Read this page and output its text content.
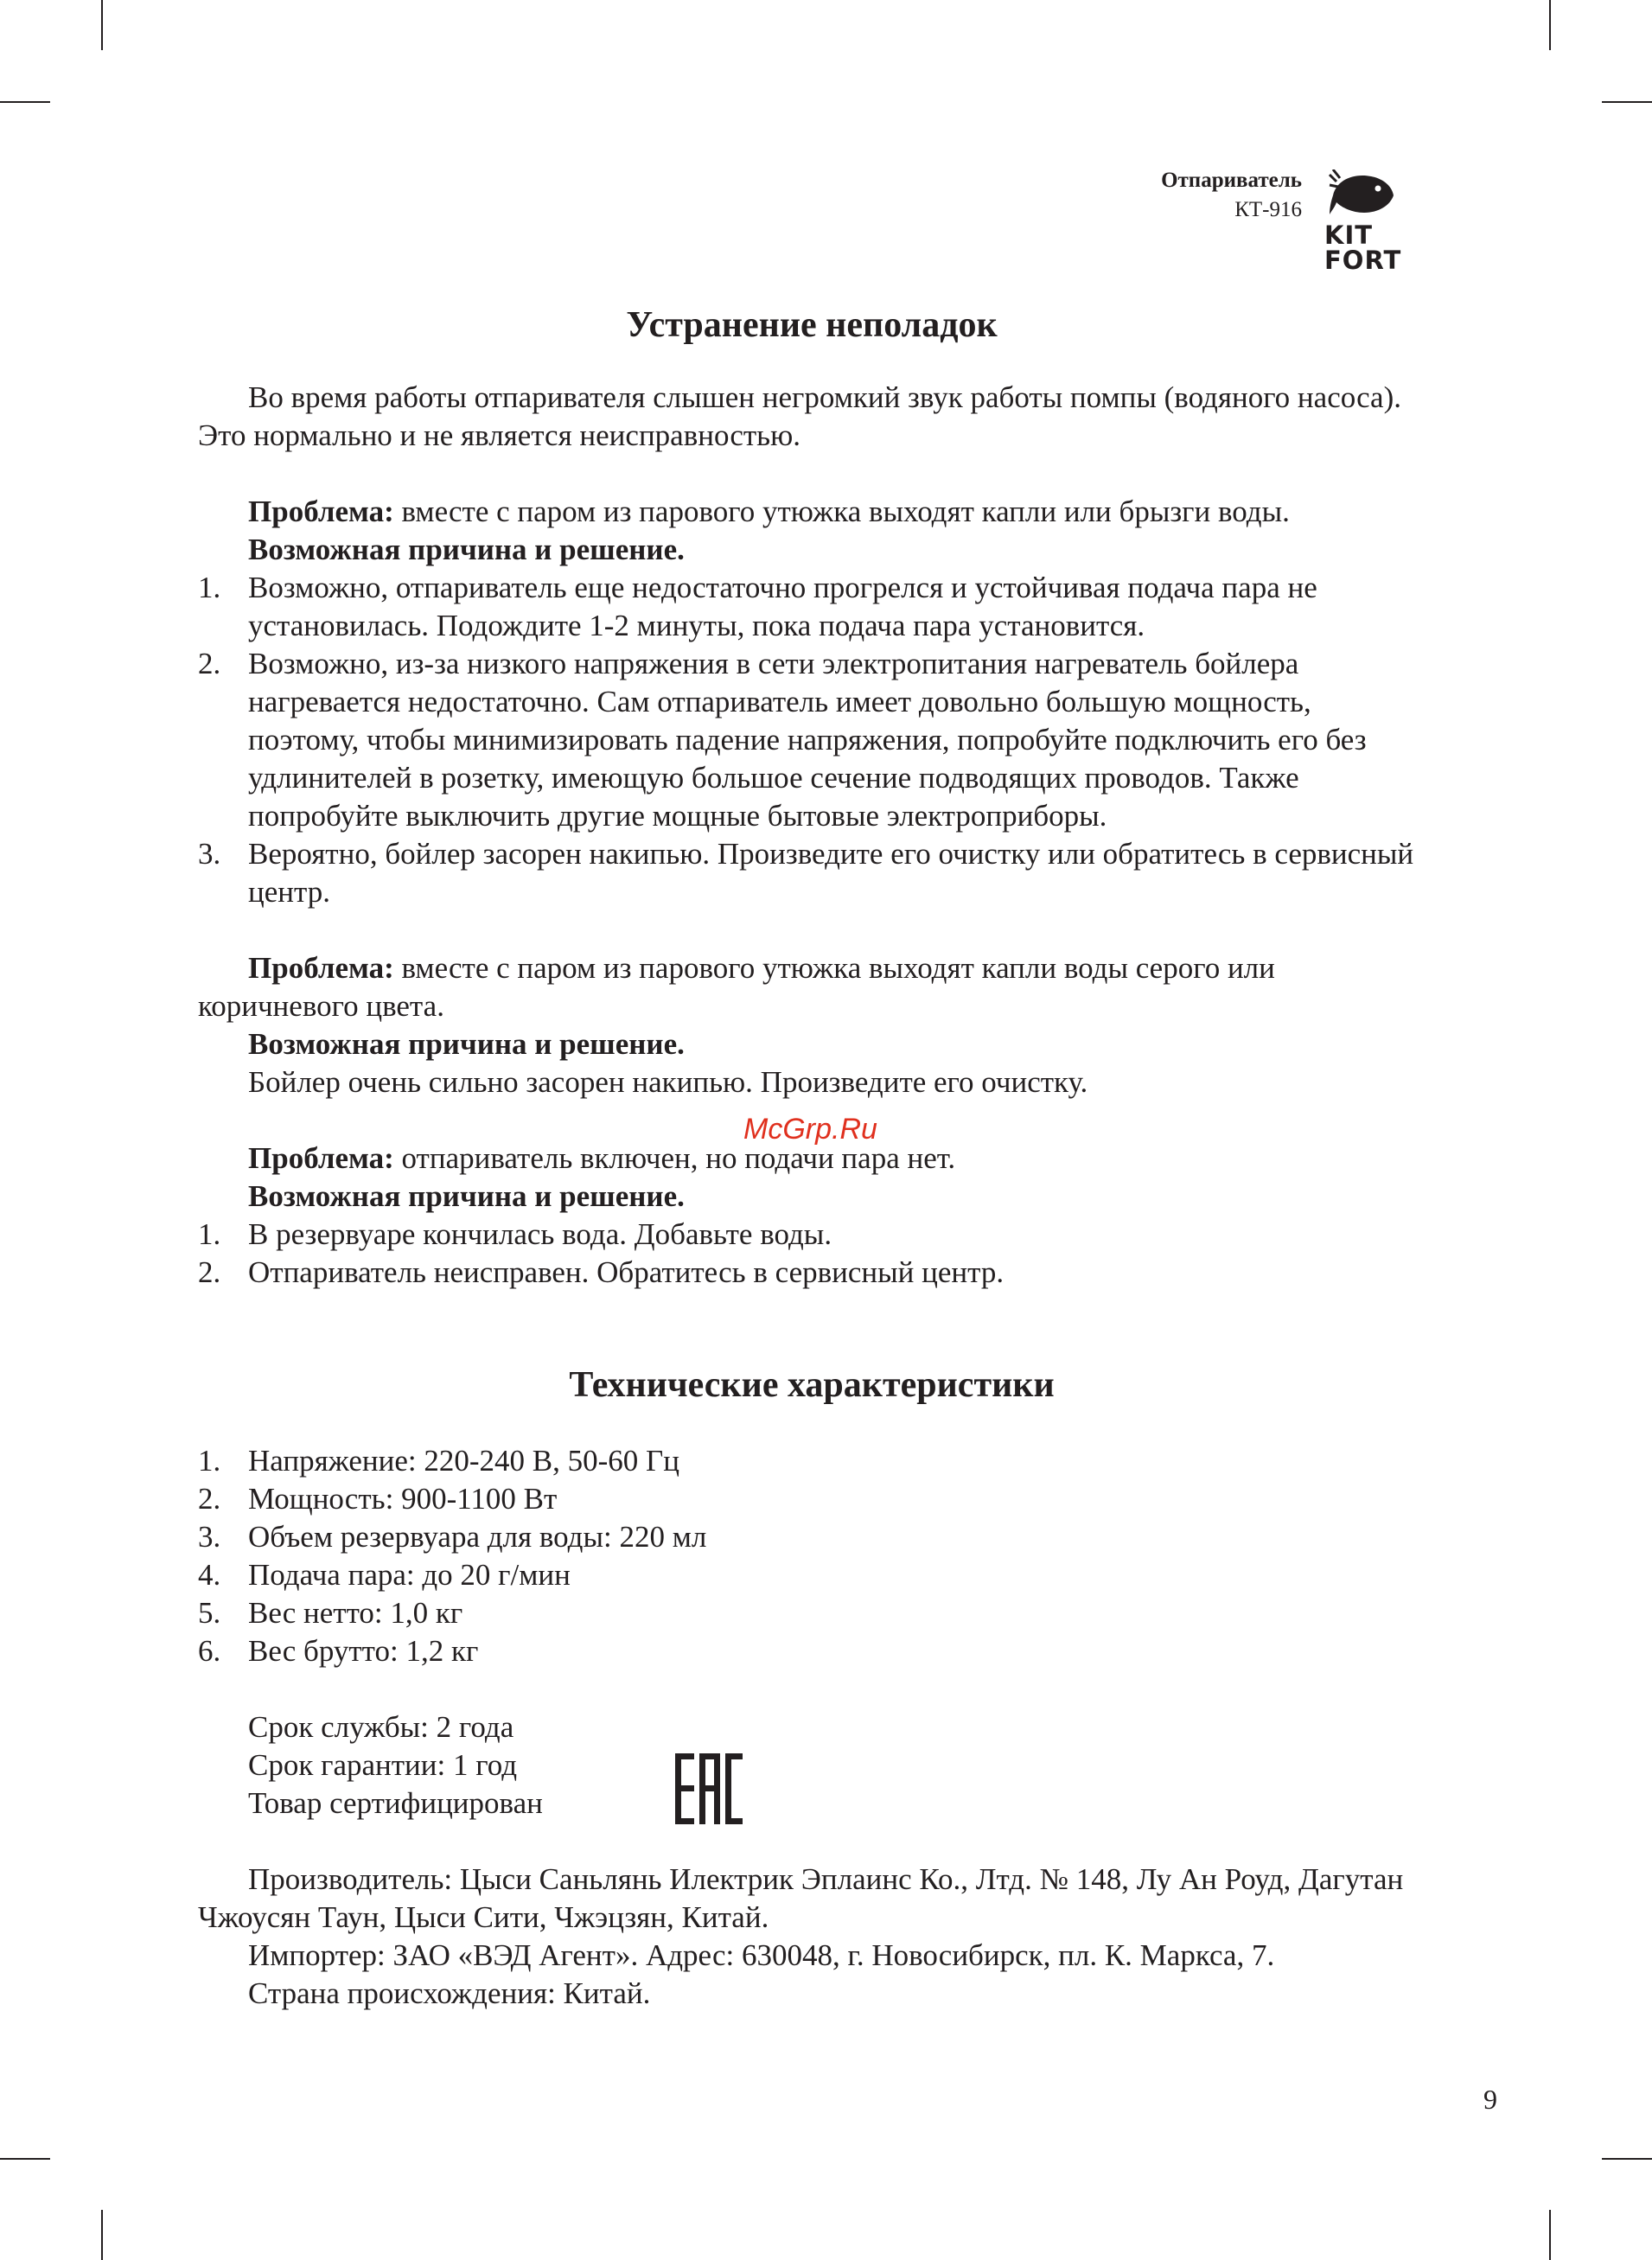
Отпариватель
КТ-916
KIT
FORT
Устранение неполадок

Во время работы отпаривателя слышен негромкий звук работы помпы (водяного насоса). Это нормально и не является неисправностью.

Проблема: вместе с паром из парового утюжка выходят капли или брызги воды.

Возможная причина и решение.

1. Возможно, отпариватель еще недостаточно прогрелся и устойчивая подача пара не установилась. Подождите 1-2 минуты, пока подача пара установится.
2. Возможно, из-за низкого напряжения в сети электропитания нагреватель бойлера нагревается недостаточно. Сам отпариватель имеет довольно большую мощность, поэтому, чтобы минимизировать падение напряжения, попробуйте подключить его без удлинителей в розетку, имеющую большое сечение подводящих проводов. Также попробуйте выключить другие мощные бытовые электроприборы.
3. Вероятно, бойлер засорен накипью. Произведите его очистку или обратитесь в сервисный центр.

Проблема: вместе с паром из парового утюжка выходят капли воды серого или коричневого цвета.

Возможная причина и решение.

Бойлер очень сильно засорен накипью. Произведите его очистку.

Проблема: отпариватель включен, но подачи пара нет.

Возможная причина и решение.

1. В резервуаре кончилась вода. Добавьте воды.
2. Отпариватель неисправен. Обратитесь в сервисный центр.
Технические характеристики
1. Напряжение: 220-240 В, 50-60 Гц
2. Мощность: 900-1100 Вт
3. Объем резервуара для воды: 220 мл
4. Подача пара: до 20 г/мин
5. Вес нетто: 1,0 кг
6. Вес брутто: 1,2 кг

Срок службы: 2 года

Срок гарантии: 1 год

Товар сертифицирован

Производитель: Цыси Саньлянь Илектрик Эплаинс Ко., Лтд. № 148, Лу Ан Роуд, Дагутан Чжоусян Таун, Цыси Сити, Чжэцзян, Китай.

Импортер: ЗАО «ВЭД Агент». Адрес: 630048, г. Новосибирск, пл. К. Маркса, 7.

Страна происхождения: Китай.

McGrp.Ru
9
